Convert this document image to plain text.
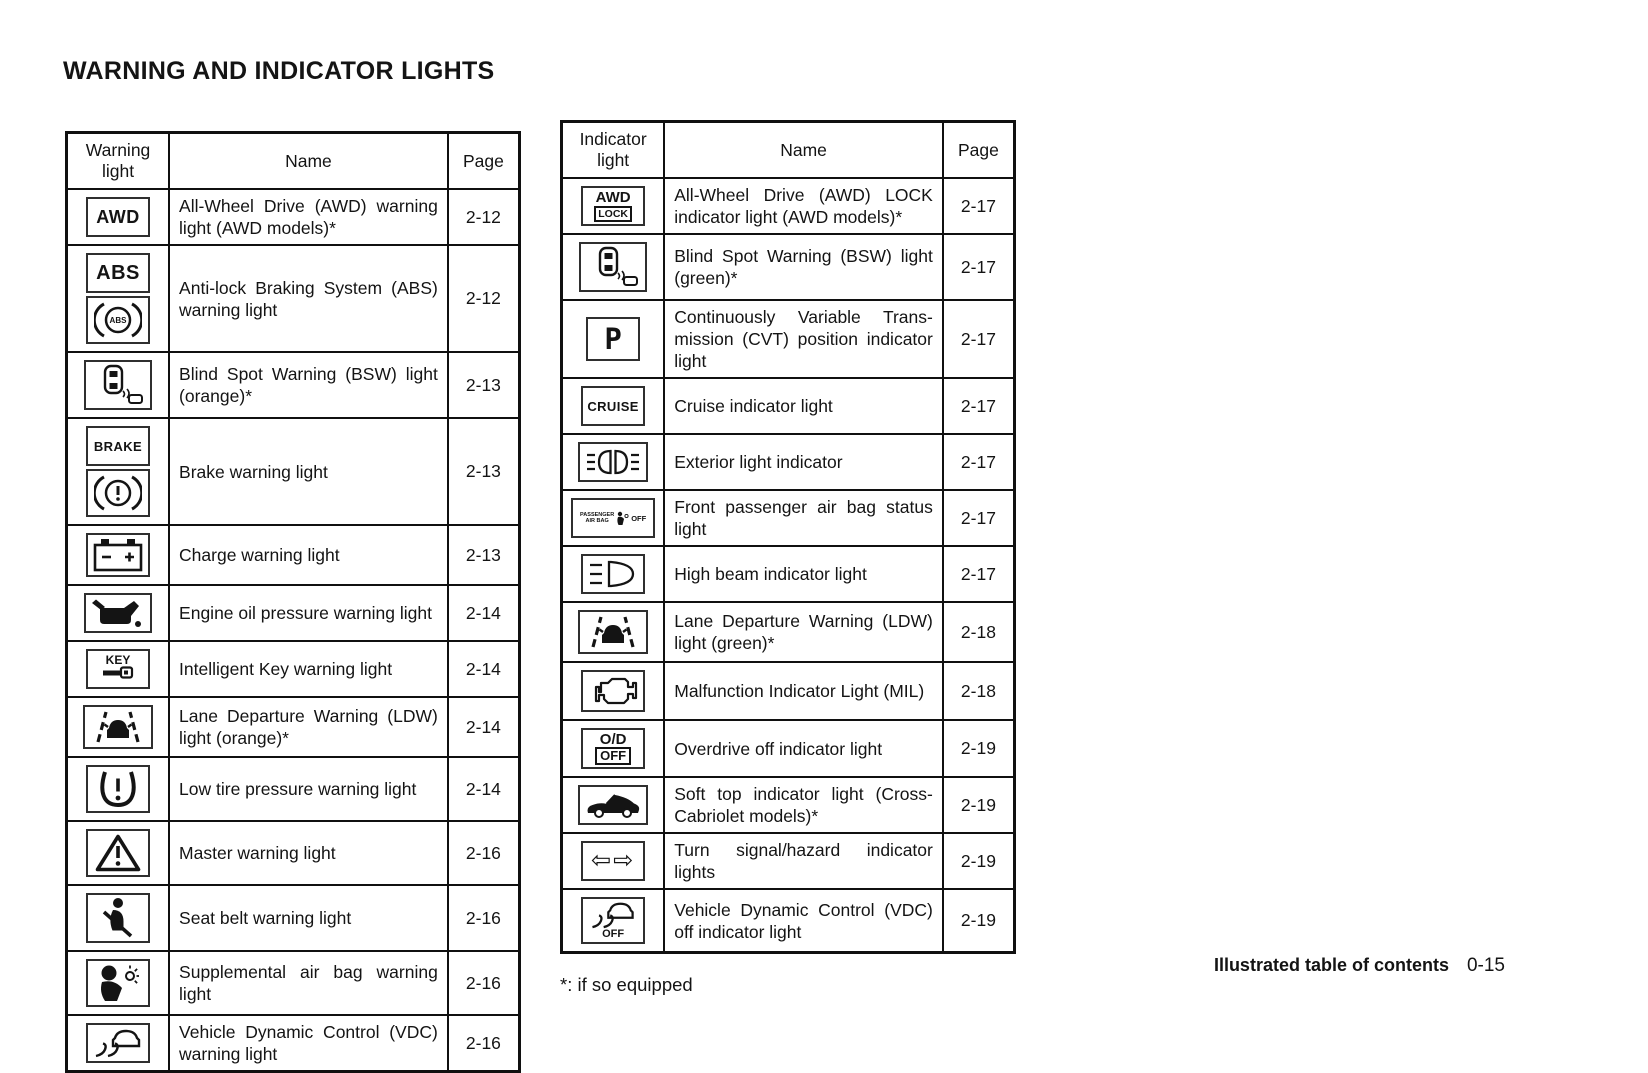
WARNING AND INDICATOR LIGHTS
Warning light	Name	Page

AWD	All-Wheel Drive (AWD) warning light (AWD models)*	2-12

ABS
ABS	Anti-lock Braking System (ABS) warning light	2-12

	Blind Spot Warning (BSW) light (orange)*	2-13

BRAKE	Brake warning light	2-13

	Charge warning light	2-13

	Engine oil pressure warning light	2-14

KEY	Intelligent Key warning light	2-14

	Lane Departure Warning (LDW) light (orange)*	2-14

	Low tire pressure warning light	2-14

	Master warning light	2-16

	Seat belt warning light	2-16

	Supplemental air bag warning light	2-16

	Vehicle Dynamic Control (VDC) warning light	2-16
Indicator light	Name	Page

AWD
LOCK	All-Wheel Drive (AWD) LOCK indicator light (AWD models)*	2-17

	Blind Spot Warning (BSW) light (green)*	2-17

P	Continuously Variable Trans-mission (CVT) position indicator light	2-17

CRUISE	Cruise indicator light	2-17

	Exterior light indicator	2-17

PASSENGER
AIR BAG OFF	Front passenger air bag status light	2-17

	High beam indicator light	2-17

	Lane Departure Warning (LDW) light (green)*	2-18

	Malfunction Indicator Light (MIL)	2-18

O/D
OFF	Overdrive off indicator light	2-19

	Soft top indicator light (Cross-Cabriolet models)*	2-19

⇦⇨	Turn signal/hazard indicator lights	2-19

OFF	Vehicle Dynamic Control (VDC) off indicator light	2-19
*: if so equipped
Illustrated table of contents 0-15
